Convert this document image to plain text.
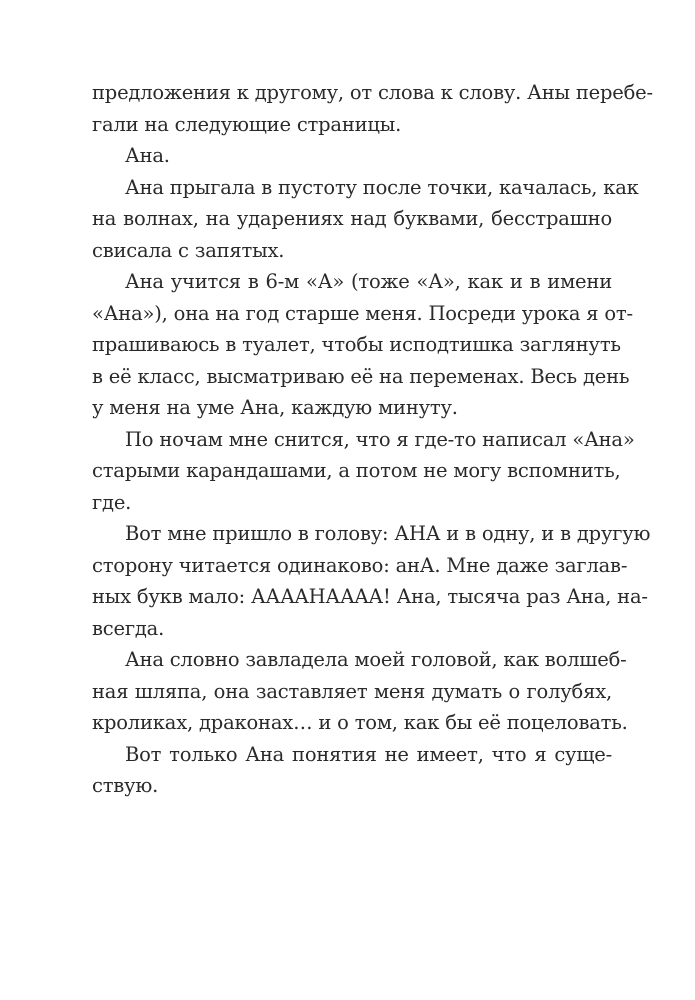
предложения к другому, от слова к слову. Аны перебе-
гали на следующие страницы.
Ана.
Ана прыгала в пустоту после точки, качалась, как
на волнах, на ударениях над буквами, бесстрашно
свисала с запятых.
Ана учится в 6-м «А» (тоже «А», как и в имени
«Ана»), она на год старше меня. Посреди урока я от-
прашиваюсь в туалет, чтобы исподтишка заглянуть
в её класс, высматриваю её на переменах. Весь день
у меня на уме Ана, каждую минуту.
По ночам мне снится, что я где-то написал «Ана»
старыми карандашами, а потом не могу вспомнить,
где.
Вот мне пришло в голову: АНА и в одну, и в другую
сторону читается одинаково: анА. Мне даже заглав-
ных букв мало: АААAНААAА! Ана, тысяча раз Ана, на-
всегда.
Ана словно завладела моей головой, как волшеб-
ная шляпа, она заставляет меня думать о голубях,
кроликах, драконах… и о том, как бы её поцеловать.
Вот только Ана понятия не имеет, что я суще-
ствую.
